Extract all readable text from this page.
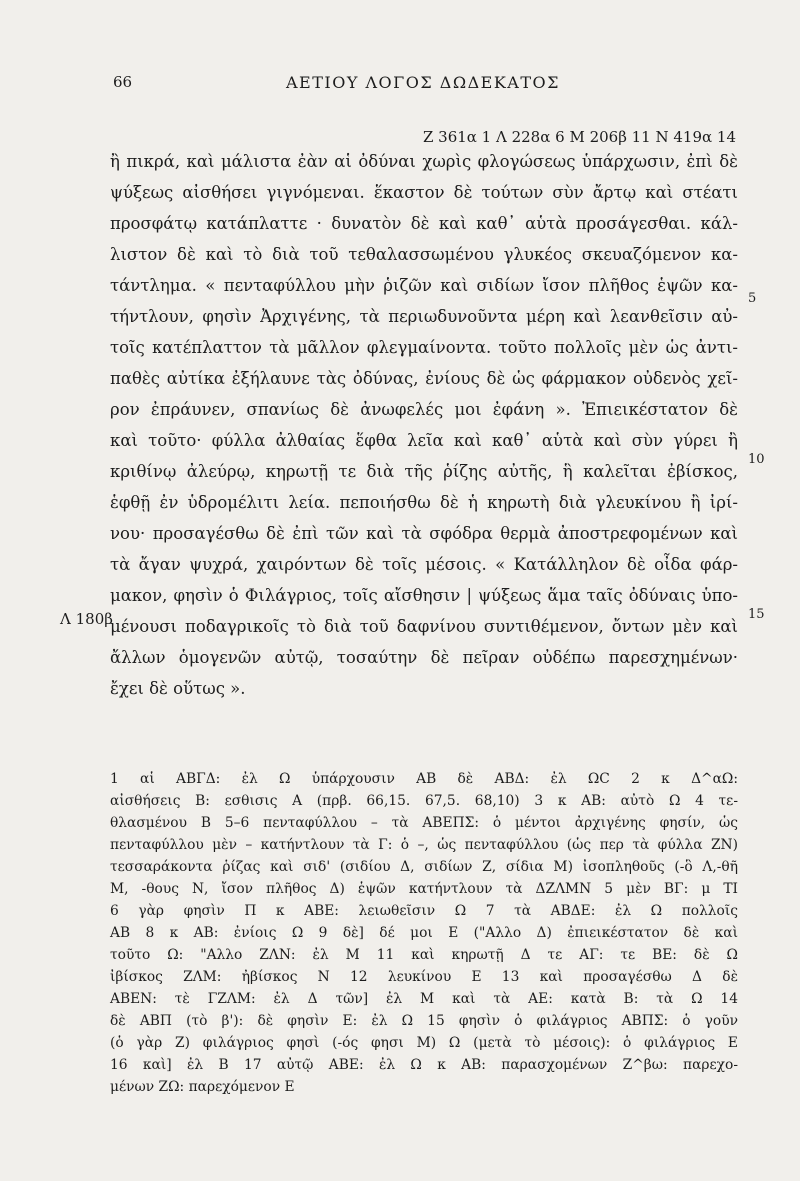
66	ΑΕΤΙΟΥ ΛΟΓΟΣ ΔΩΔΕΚΑΤΟΣ
Ζ 361α 1 Λ 228α 6 Μ 206β 11 Ν 419α 14
ἢ πικρά, καὶ μάλιστα ἐὰν αἱ ὀδύναι χωρὶς φλογώσεως ὑπάρχωσιν, ἐπὶ δὲ
ψύξεως αἰσθήσει γιγνόμεναι. ἕκαστον δὲ τούτων σὺν ἄρτῳ καὶ στέατι
προσφάτῳ κατάπλαττε · δυνατὸν δὲ καὶ καθ᾽ αὑτὰ προσάγεσθαι. κάλ-
λιστον δὲ καὶ τὸ διὰ τοῦ τεθαλασσωμένου γλυκέος σκευαζόμενον κα-
τάντλημα. « πενταφύλλου μὴν ῥιζῶν καὶ σιδίων ἴσον πλῆθος ἑψῶν κα-
τήντλουν, φησὶν Ἀρχιγένης, τὰ περιωδυνοῦντα μέρη καὶ λεανθεῖσιν αὐ-
τοῖς κατέπλαττον τὰ μᾶλλον φλεγμαίνοντα. τοῦτο πολλοῖς μὲν ὡς ἀντι-
παθὲς αὐτίκα ἐξήλαυνε τὰς ὀδύνας, ἐνίους δὲ ὡς φάρμακον οὐδενὸς χεῖ-
ρον ἐπράυνεν, σπανίως δὲ ἀνωφελές μοι ἐφάνη ». Ἐπιεικέστατον δὲ
καὶ τοῦτο· φύλλα ἀλθαίας ἕφθα λεῖα καὶ καθ᾽ αὑτὰ καὶ σὺν γύρει ἢ
κριθίνῳ ἀλεύρῳ, κηρωτῇ τε διὰ τῆς ῥίζης αὐτῆς, ἣ καλεῖται ἐβίσκος,
ἑφθῇ ἐν ὑδρομέλιτι λεία. πεποιήσθω δὲ ἡ κηρωτὴ διὰ γλευκίνου ἢ ἰρί-
νου· προσαγέσθω δὲ ἐπὶ τῶν καὶ τὰ σφόδρα θερμὰ ἀποστρεφομένων καὶ
τὰ ἄγαν ψυχρά, χαιρόντων δὲ τοῖς μέσοις. « Κατάλληλον δὲ οἶδα φάρ-
μακον, φησὶν ὁ Φιλάγριος, τοῖς αἴσθησιν | ψύξεως ἅμα ταῖς ὀδύναις ὑπο-
μένουσι ποδαγρικοῖς τὸ διὰ τοῦ δαφνίνου συντιθέμενον, ὄντων μὲν καὶ
ἄλλων ὁμογενῶν αὐτῷ, τοσαύτην δὲ πεῖραν οὐδέπω παρεσχημένων·
ἔχει δὲ οὕτως ».
5
10
15
Λ 180β
1 αἱ ΑΒΓΔ: ἐλ Ω ὑπάρχουσιν ΑΒ δὲ ΑΒΔ: ἐλ ΩC 2 κ Δ^αΩ:
αἰσθήσεις Β: εσθισις Α (πρβ. 66,15. 67,5. 68,10) 3 κ ΑΒ: αὐτὸ Ω 4 τε-
θλασμένου Β 5–6 πενταφύλλου – τὰ ΑΒΕΠΣ: ὁ μέντοι ἀρχιγένης φησίν, ὡς
πενταφύλλου μὲν – κατήντλουν τὰ Γ: ὁ –, ὡς πενταφύλλου (ὡς περ τὰ φύλλα ΖΝ)
τεσσαράκοντα ῥίζας καὶ σιδ' (σιδίου Δ, σιδίων Ζ, σίδια Μ) ἰσοπληθοῦς (-ὃ Λ,-θῆ
Μ, -θους Ν, ἴσον πλῆθος Δ) ἑψῶν κατήντλουν τὰ ΔΖΛΜΝ 5 μὲν ΒΓ: μ ΤΙ
6 γὰρ φησὶν Π κ ΑΒΕ: λειωθεῖσιν Ω 7 τὰ ΑΒΔΕ: ἐλ Ω πολλοῖς
ΑΒ 8 κ ΑΒ: ἐνίοις Ω 9 δὲ] δέ μοι Ε ("Αλλο Δ) ἐπιεικέστατον δὲ καὶ
τοῦτο Ω: "Αλλο ΖΛΝ: ἐλ Μ 11 καὶ κηρωτῇ Δ τε ΑΓ: τε ΒΕ: δὲ Ω
ἰβίσκος ΖΛΜ: ἠβίσκος Ν 12 λευκίνου Ε 13 καὶ προσαγέσθω Δ δὲ
ΑΒΕΝ: τὲ ΓΖΛΜ: ἐλ Δ τῶν] ἐλ Μ καὶ τὰ ΑΕ: κατὰ Β: τὰ Ω 14
δὲ ΑΒΠ (τὸ β'): δὲ φησὶν Ε: ἐλ Ω 15 φησὶν ὁ φιλάγριος ΑΒΠΣ: ὁ γοῦν
(ὁ γὰρ Ζ) φιλάγριος φησὶ (-ός φησι Μ) Ω (μετὰ τὸ μέσοις): ὁ φιλάγριος Ε
16 καὶ] ἐλ Β 17 αὐτῷ ΑΒΕ: ἐλ Ω κ ΑΒ: παρασχομένων Ζ^βω: παρεχο-
μένων ΖΩ: παρεχόμενον Ε
